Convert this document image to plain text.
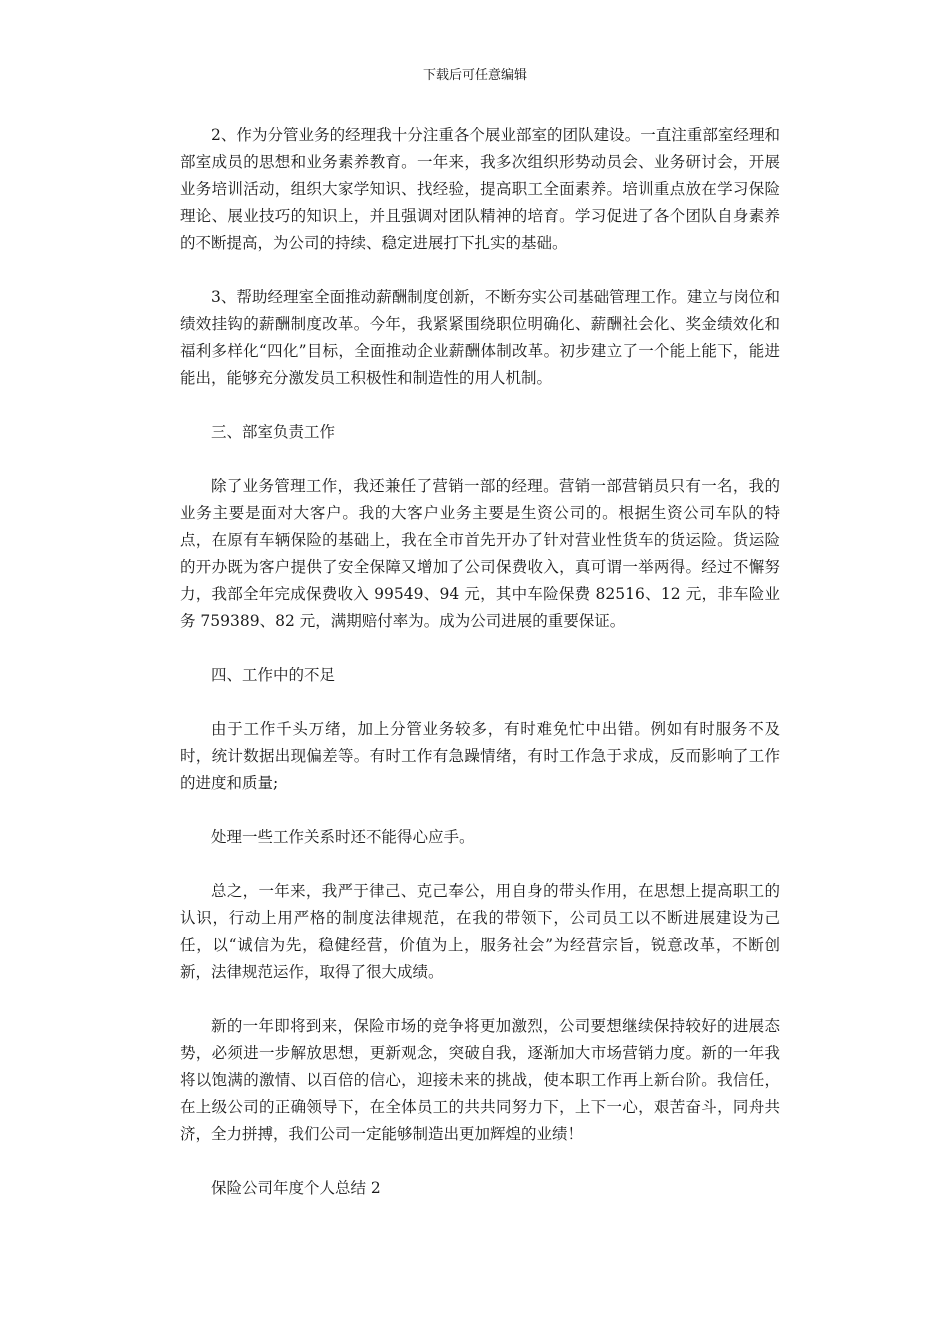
下载后可任意编辑

2、作为分管业务的经理我十分注重各个展业部室的团队建设。一直注重部室经理和部室成员的思想和业务素养教育。一年来，我多次组织形势动员会、业务研讨会，开展业务培训活动，组织大家学知识、找经验，提高职工全面素养。培训重点放在学习保险理论、展业技巧的知识上，并且强调对团队精神的培育。学习促进了各个团队自身素养的不断提高，为公司的持续、稳定进展打下扎实的基础。

3、帮助经理室全面推动薪酬制度创新，不断夯实公司基础管理工作。建立与岗位和绩效挂钩的薪酬制度改革。今年，我紧紧围绕职位明确化、薪酬社会化、奖金绩效化和福利多样化“四化”目标，全面推动企业薪酬体制改革。初步建立了一个能上能下，能进能出，能够充分激发员工积极性和制造性的用人机制。

三、部室负责工作

除了业务管理工作，我还兼任了营销一部的经理。营销一部营销员只有一名，我的业务主要是面对大客户。我的大客户业务主要是生资公司的。根据生资公司车队的特点，在原有车辆保险的基础上，我在全市首先开办了针对营业性货车的货运险。货运险的开办既为客户提供了安全保障又增加了公司保费收入，真可谓一举两得。经过不懈努力，我部全年完成保费收入 99549、94 元，其中车险保费 82516、12 元，非车险业务 759389、82 元，满期赔付率为。成为公司进展的重要保证。

四、工作中的不足

由于工作千头万绪，加上分管业务较多，有时难免忙中出错。例如有时服务不及时，统计数据出现偏差等。有时工作有急躁情绪，有时工作急于求成，反而影响了工作的进度和质量;

处理一些工作关系时还不能得心应手。

总之，一年来，我严于律己、克己奉公，用自身的带头作用，在思想上提高职工的认识，行动上用严格的制度法律规范，在我的带领下，公司员工以不断进展建设为己任，以“诚信为先，稳健经营，价值为上，服务社会”为经营宗旨，锐意改革，不断创新，法律规范运作，取得了很大成绩。

新的一年即将到来，保险市场的竞争将更加激烈，公司要想继续保持较好的进展态势，必须进一步解放思想，更新观念，突破自我，逐渐加大市场营销力度。新的一年我将以饱满的激情、以百倍的信心，迎接未来的挑战，使本职工作再上新台阶。我信任，在上级公司的正确领导下，在全体员工的共共同努力下，上下一心，艰苦奋斗，同舟共济，全力拼搏，我们公司一定能够制造出更加辉煌的业绩！

保险公司年度个人总结 2
